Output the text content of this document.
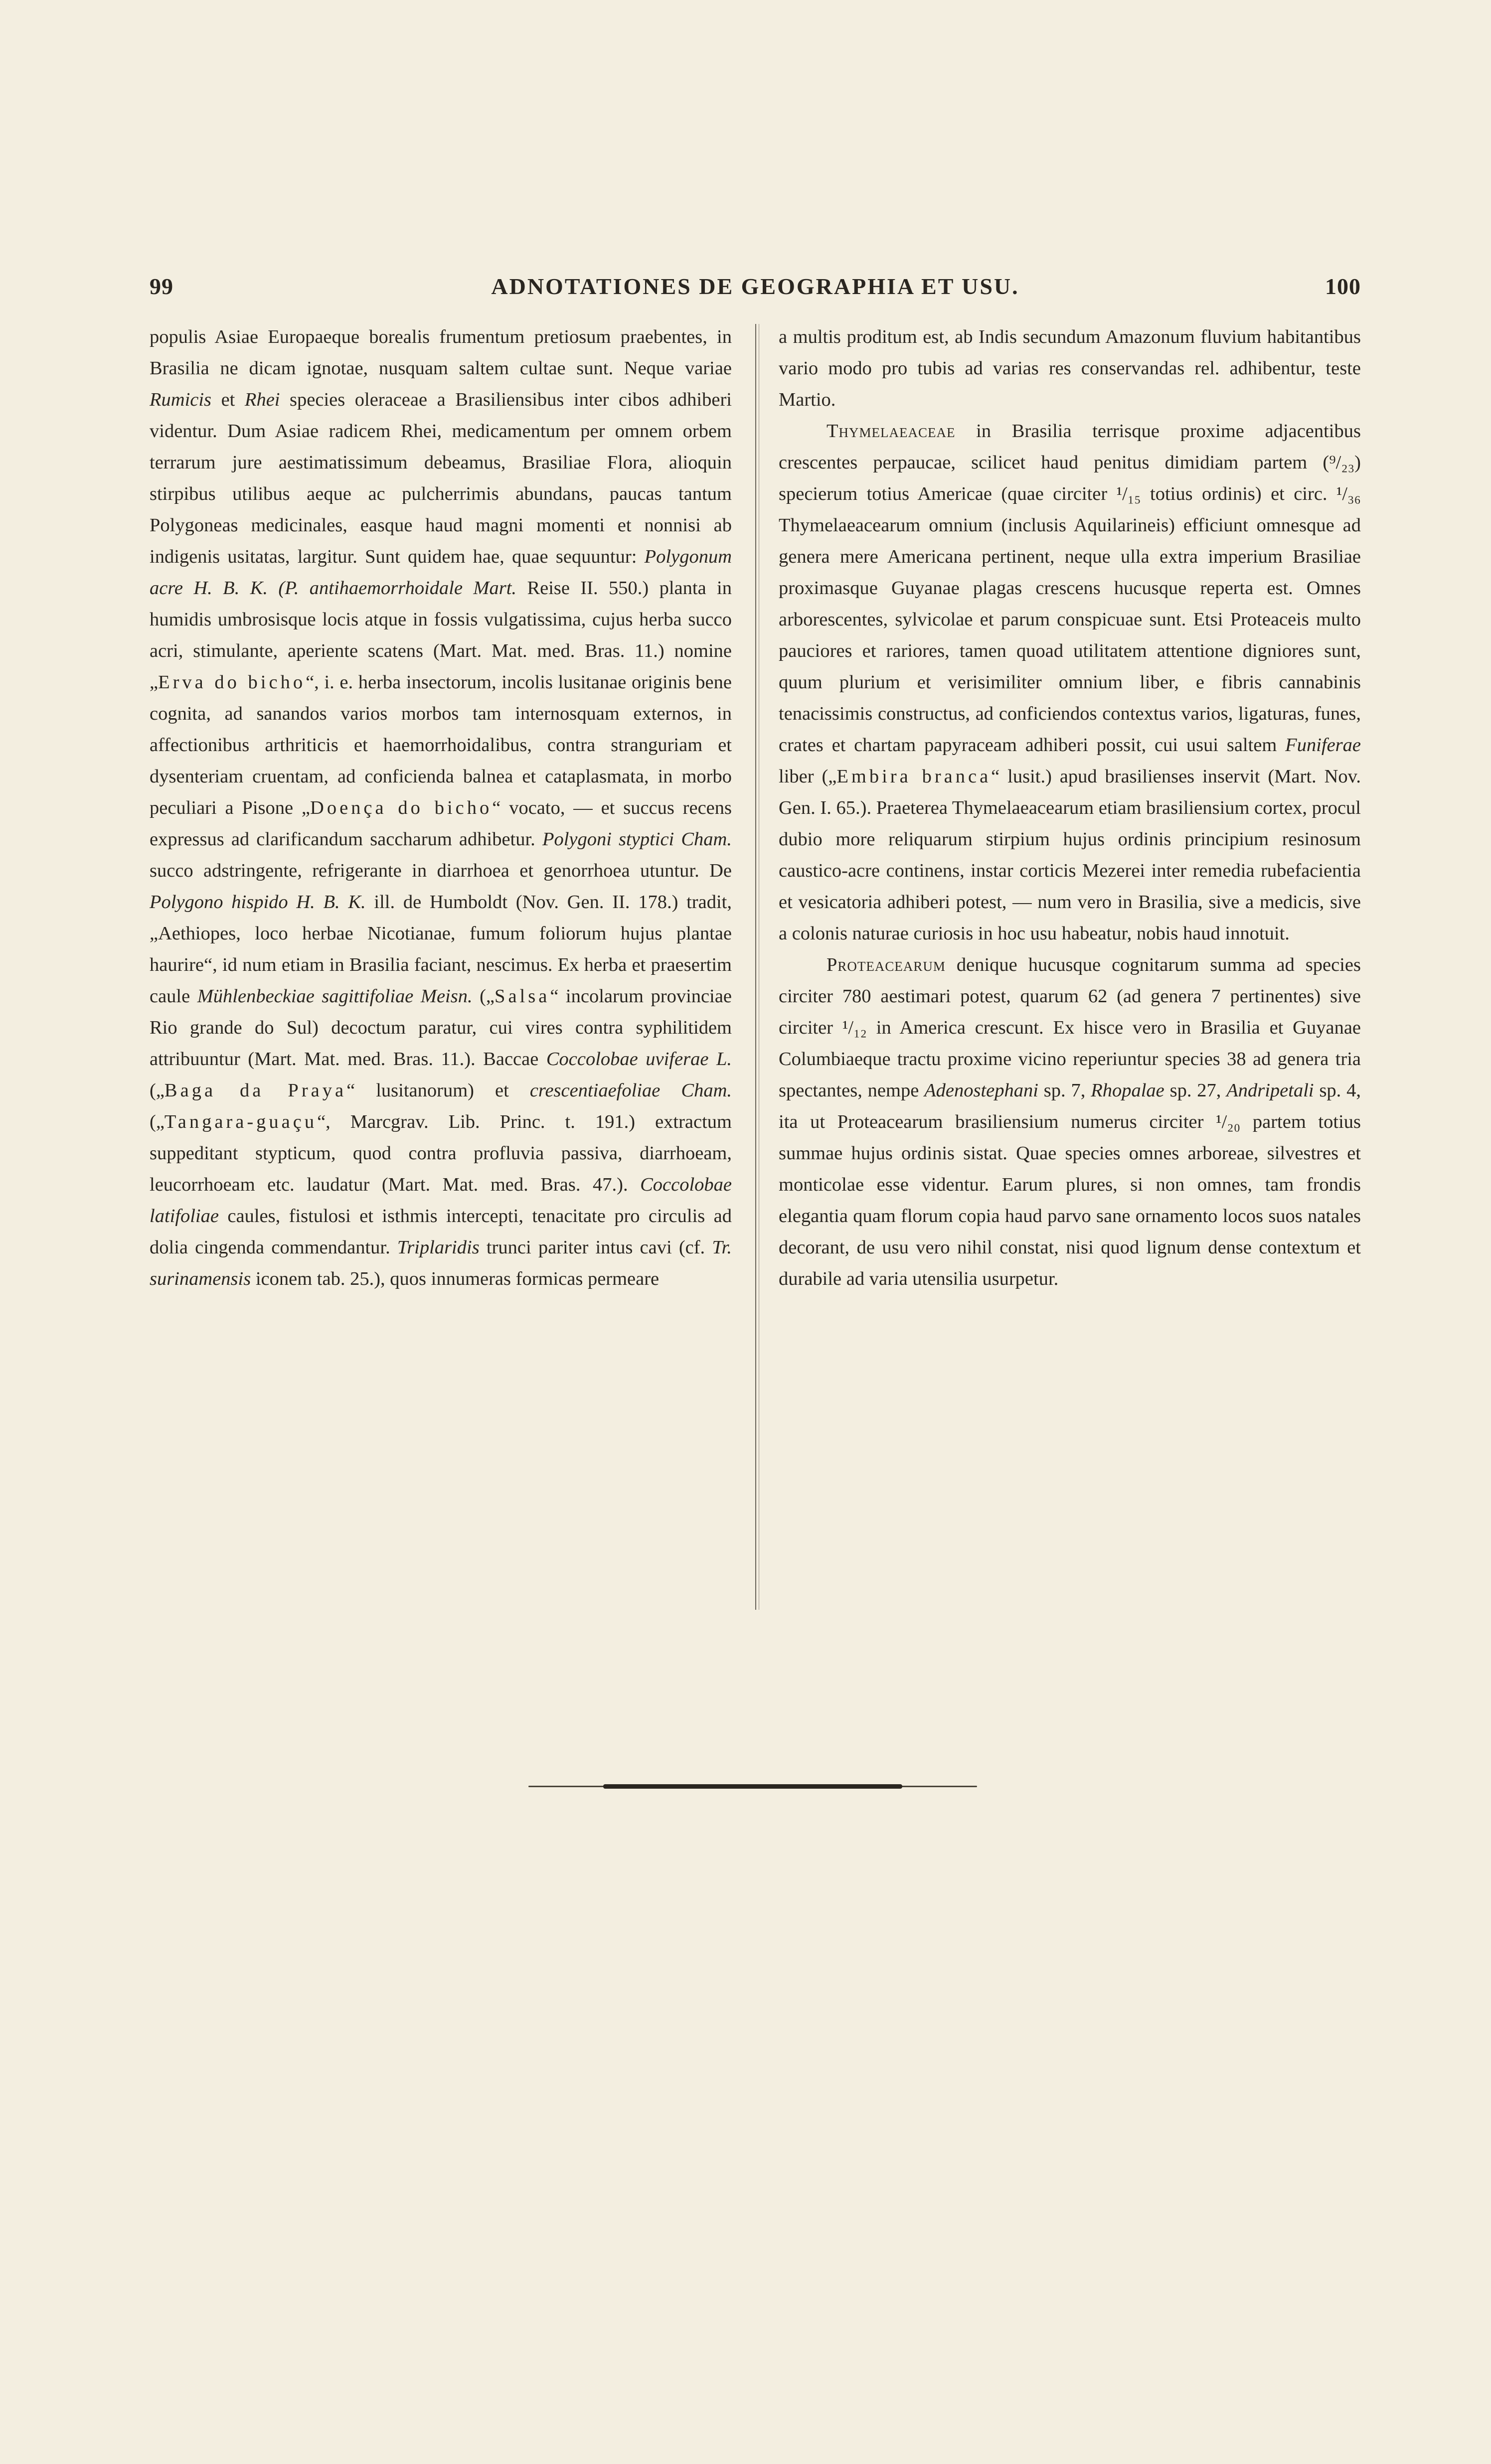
99	ADNOTATIONES DE GEOGRAPHIA ET USU.	100

populis Asiae Europaeque borealis frumentum pretiosum praebentes, in Brasilia ne dicam ignotae, nusquam saltem cultae sunt. Neque variae Rumicis et Rhei species oleraceae a Brasiliensibus inter cibos adhiberi videntur. Dum Asiae radicem Rhei, medicamentum per omnem orbem terrarum jure aestimatissimum debeamus, Brasiliae Flora, alioquin stirpibus utilibus aeque ac pulcherrimis abundans, paucas tantum Polygoneas medicinales, easque haud magni momenti et nonnisi ab indigenis usitatas, largitur. Sunt quidem hae, quae sequuntur: Polygonum acre H. B. K. (P. antihaemorrhoidale Mart. Reise II. 550.) planta in humidis umbrosisque locis atque in fossis vulgatissima, cujus herba succo acri, stimulante, aperiente scatens (Mart. Mat. med. Bras. 11.) nomine „Erva do bicho“, i. e. herba insectorum, incolis lusitanae originis bene cognita, ad sanandos varios morbos tam internosquam externos, in affectionibus arthriticis et haemorrhoidalibus, contra stranguriam et dysenteriam cruentam, ad conficienda balnea et cataplasmata, in morbo peculiari a Pisone „Doença do bicho“ vocato, — et succus recens expressus ad clarificandum saccharum adhibetur. Polygoni styptici Cham. succo adstringente, refrigerante in diarrhoea et genorrhoea utuntur. De Polygono hispido H. B. K. ill. de Humboldt (Nov. Gen. II. 178.) tradit, „Aethiopes, loco herbae Nicotianae, fumum foliorum hujus plantae haurire“, id num etiam in Brasilia faciant, nescimus. Ex herba et praesertim caule Mühlenbeckiae sagittifoliae Meisn. („Salsa“ incolarum provinciae Rio grande do Sul) decoctum paratur, cui vires contra syphilitidem attribuuntur (Mart. Mat. med. Bras. 11.). Baccae Coccolobae uviferae L. („Baga da Praya“ lusitanorum) et crescentiaefoliae Cham. („Tangara-guaçu“, Marcgrav. Lib. Princ. t. 191.) extractum suppeditant stypticum, quod contra profluvia passiva, diarrhoeam, leucorrhoeam etc. laudatur (Mart. Mat. med. Bras. 47.). Coccolobae latifoliae caules, fistulosi et isthmis intercepti, tenacitate pro circulis ad dolia cingenda commendantur. Triplaridis trunci pariter intus cavi (cf. Tr. surinamensis iconem tab. 25.), quos innumeras formicas permeare

a multis proditum est, ab Indis secundum Amazonum fluvium habitantibus vario modo pro tubis ad varias res conservandas rel. adhibentur, teste Martio.

Thymelaeaceae in Brasilia terrisque proxime adjacentibus crescentes perpaucae, scilicet haud penitus dimidiam partem (⁹/₂₃) specierum totius Americae (quae circiter ¹/₁₅ totius ordinis) et circ. ¹/₃₆ Thymelaeacearum omnium (inclusis Aquilarineis) efficiunt omnesque ad genera mere Americana pertinent, neque ulla extra imperium Brasiliae proximasque Guyanae plagas crescens hucusque reperta est. Omnes arborescentes, sylvicolae et parum conspicuae sunt. Etsi Proteaceis multo pauciores et rariores, tamen quoad utilitatem attentione digniores sunt, quum plurium et verisimiliter omnium liber, e fibris cannabinis tenacissimis constructus, ad conficiendos contextus varios, ligaturas, funes, crates et chartam papyraceam adhiberi possit, cui usui saltem Funiferae liber („Embira branca“ lusit.) apud brasilienses inservit (Mart. Nov. Gen. I. 65.). Praeterea Thymelaeacearum etiam brasiliensium cortex, procul dubio more reliquarum stirpium hujus ordinis principium resinosum caustico-acre continens, instar corticis Mezerei inter remedia rubefacientia et vesicatoria adhiberi potest, — num vero in Brasilia, sive a medicis, sive a colonis naturae curiosis in hoc usu habeatur, nobis haud innotuit.

Proteacearum denique hucusque cognitarum summa ad species circiter 780 aestimari potest, quarum 62 (ad genera 7 pertinentes) sive circiter ¹/₁₂ in America crescunt. Ex hisce vero in Brasilia et Guyanae Columbiaeque tractu proxime vicino reperiuntur species 38 ad genera tria spectantes, nempe Adenostephani sp. 7, Rhopalae sp. 27, Andripetali sp. 4, ita ut Proteacearum brasiliensium numerus circiter ¹/₂₀ partem totius summae hujus ordinis sistat. Quae species omnes arboreae, silvestres et monticolae esse videntur. Earum plures, si non omnes, tam frondis elegantia quam florum copia haud parvo sane ornamento locos suos natales decorant, de usu vero nihil constat, nisi quod lignum dense contextum et durabile ad varia utensilia usurpetur.
